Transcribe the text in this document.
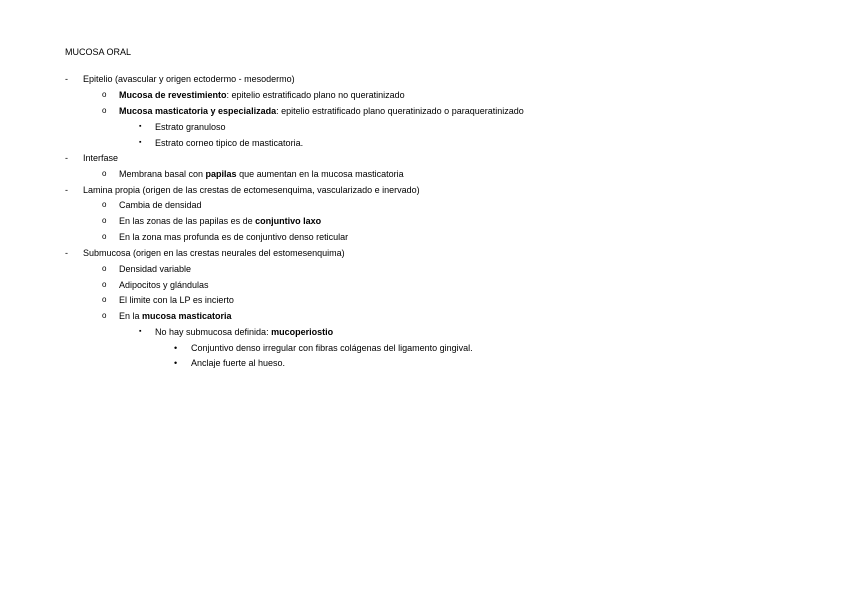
MUCOSA ORAL
- Epitelio (avascular y origen ectodermo - mesodermo)
o Mucosa de revestimiento: epitelio estratificado plano no queratinizado
o Mucosa masticatoria y especializada: epitelio estratificado plano queratinizado o paraqueratinizado
▪ Estrato granuloso
▪ Estrato corneo tipico de masticatoria.
- Interfase
o Membrana basal con papilas que aumentan en la mucosa masticatoria
- Lamina propia (origen de las crestas de ectomesenquima, vascularizado e inervado)
o Cambia de densidad
o En las zonas de las papilas es de conjuntivo laxo
o En la zona mas profunda es de conjuntivo denso reticular
- Submucosa (origen en las crestas neurales del estomesenquima)
o Densidad variable
o Adipocitos y glándulas
o El limite con la LP es incierto
o En la mucosa masticatoria
▪ No hay submucosa definida: mucoperiostio
• Conjuntivo denso irregular con fibras colágenas del ligamento gingival.
• Anclaje fuerte al hueso.
